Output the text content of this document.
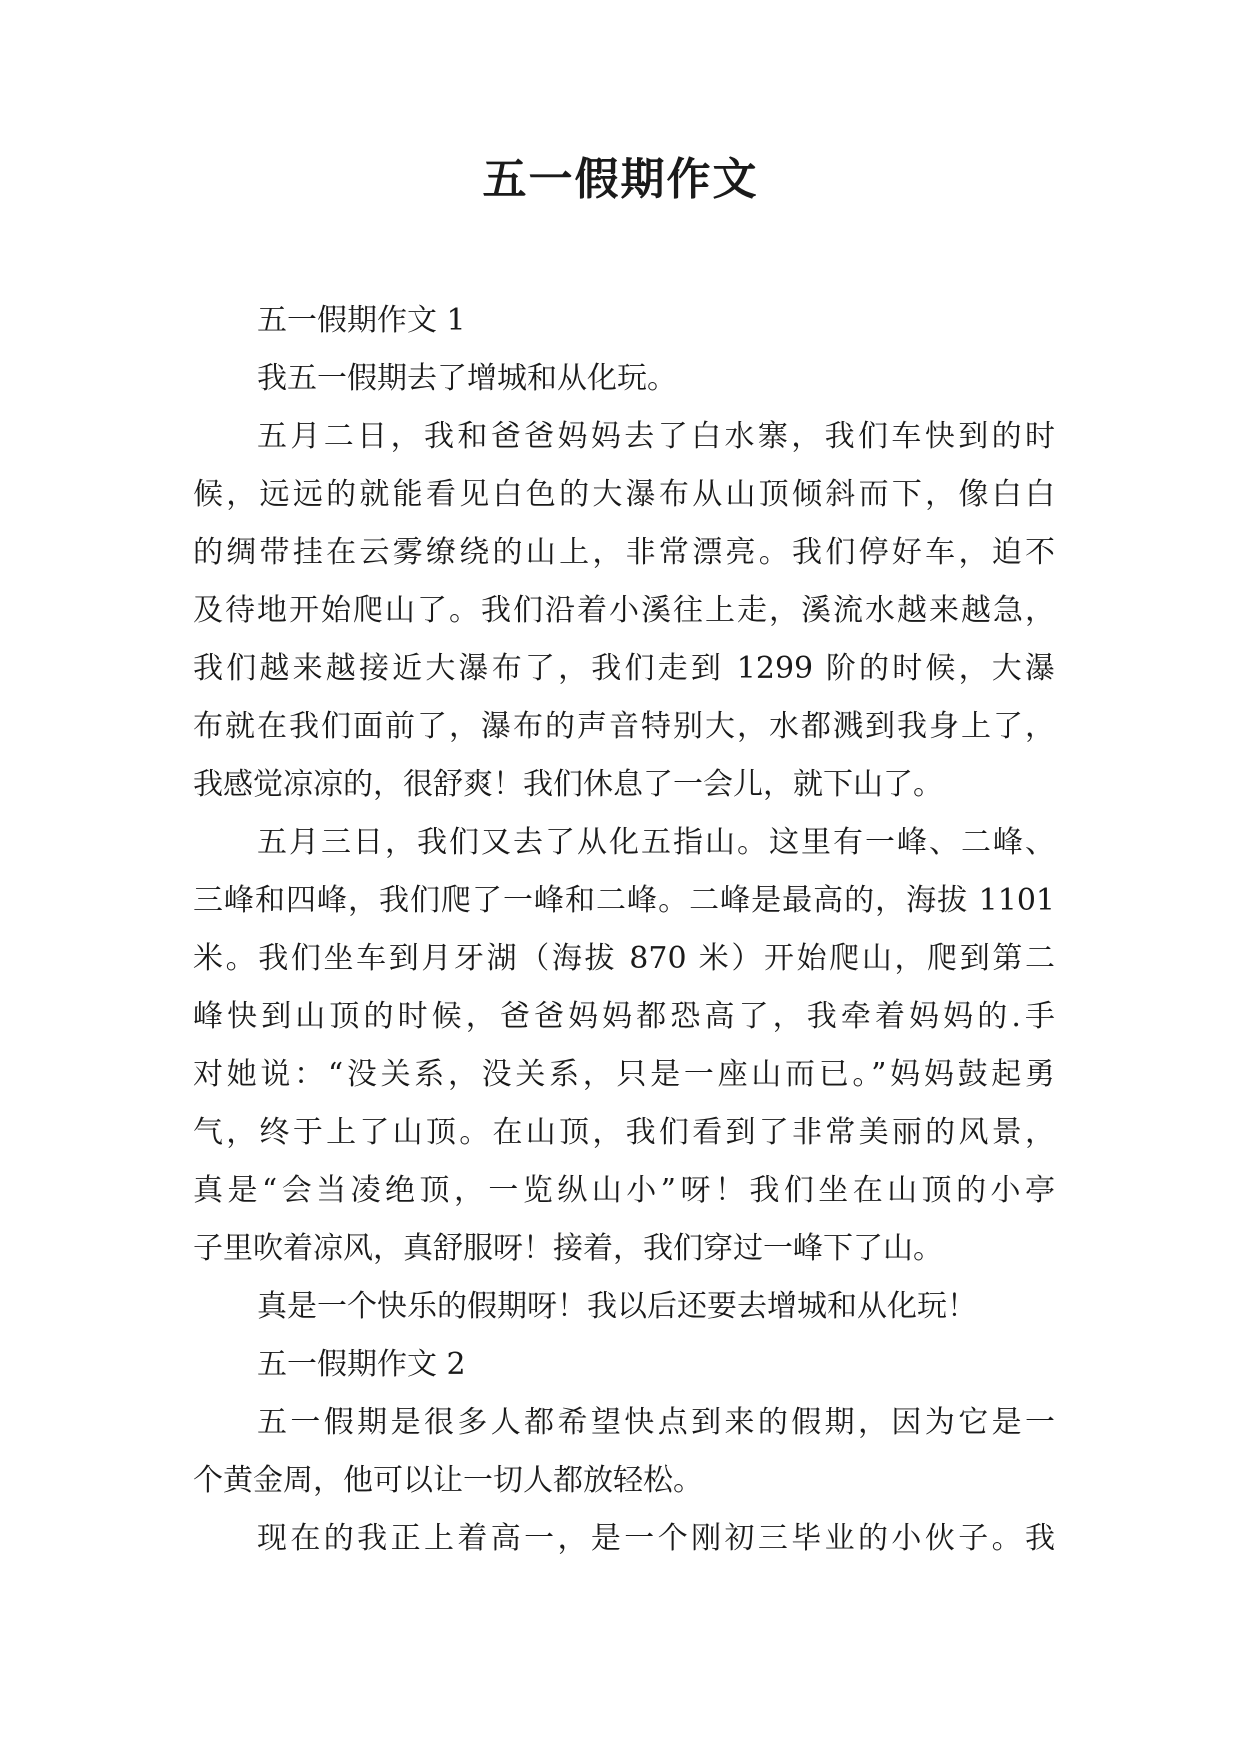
五一假期作文
五一假期作文 1
我五一假期去了增城和从化玩。
五月二日，我和爸爸妈妈去了白水寨，我们车快到的时
候，远远的就能看见白色的大瀑布从山顶倾斜而下，像白白
的绸带挂在云雾缭绕的山上，非常漂亮。我们停好车，迫不
及待地开始爬山了。我们沿着小溪往上走，溪流水越来越急，
我们越来越接近大瀑布了，我们走到 1299 阶的时候，大瀑
布就在我们面前了，瀑布的声音特别大，水都溅到我身上了，
我感觉凉凉的，很舒爽！我们休息了一会儿，就下山了。
五月三日，我们又去了从化五指山。这里有一峰、二峰、
三峰和四峰，我们爬了一峰和二峰。二峰是最高的，海拔 1101
米。我们坐车到月牙湖（海拔 870 米）开始爬山，爬到第二
峰快到山顶的时候，爸爸妈妈都恐高了，我牵着妈妈的.手
对她说：“没关系，没关系，只是一座山而已。”妈妈鼓起勇
气，终于上了山顶。在山顶，我们看到了非常美丽的风景，
真是“会当凌绝顶，一览纵山小”呀！我们坐在山顶的小亭
子里吹着凉风，真舒服呀！接着，我们穿过一峰下了山。
真是一个快乐的假期呀！我以后还要去增城和从化玩！
五一假期作文 2
五一假期是很多人都希望快点到来的假期，因为它是一
个黄金周，他可以让一切人都放轻松。
现在的我正上着高一，是一个刚初三毕业的小伙子。我
